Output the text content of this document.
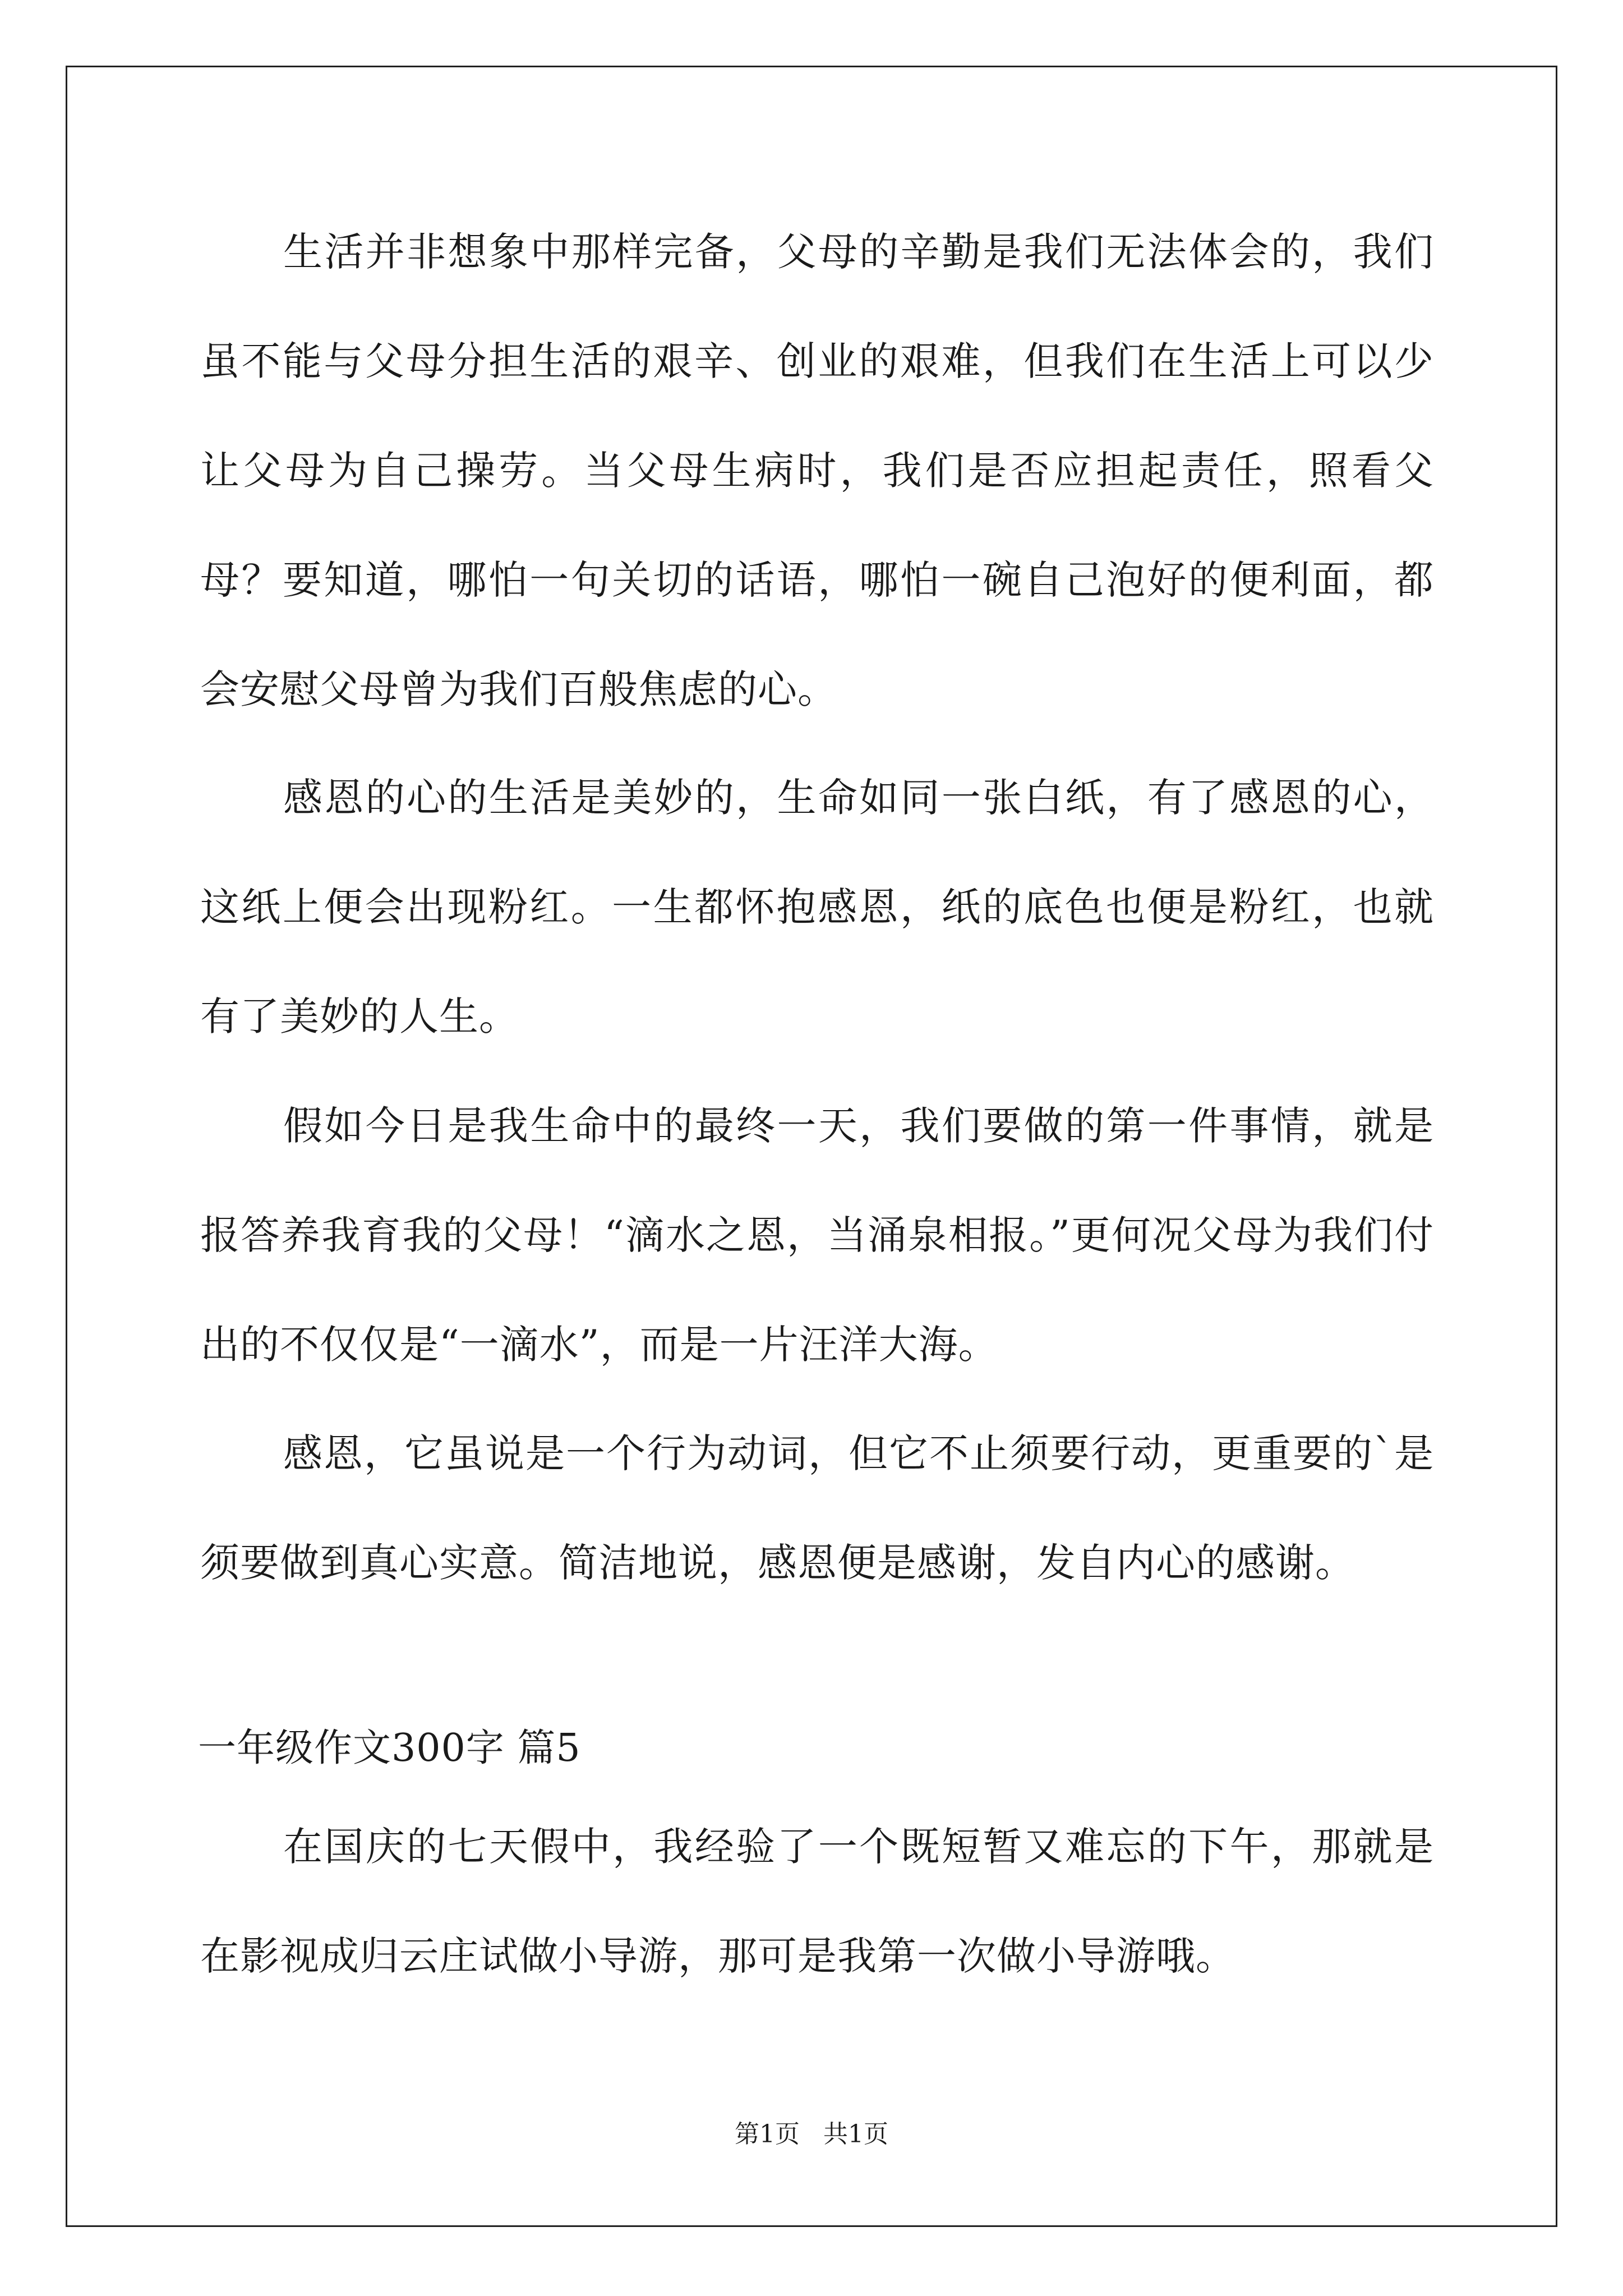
生活并非想象中那样完备，父母的辛勤是我们无法体会的，我们虽不能与父母分担生活的艰辛、创业的艰难，但我们在生活上可以少让父母为自己操劳。当父母生病时，我们是否应担起责任，照看父母？要知道，哪怕一句关切的话语，哪怕一碗自己泡好的便利面，都会安慰父母曾为我们百般焦虑的心。

感恩的心的生活是美妙的，生命如同一张白纸，有了感恩的心，这纸上便会出现粉红。一生都怀抱感恩，纸的底色也便是粉红，也就有了美妙的人生。

假如今日是我生命中的最终一天，我们要做的第一件事情，就是报答养我育我的父母！“滴水之恩，当涌泉相报。”更何况父母为我们付出的不仅仅是“一滴水”，而是一片汪洋大海。

感恩，它虽说是一个行为动词，但它不止须要行动，更重要的`是须要做到真心实意。简洁地说，感恩便是感谢，发自内心的感谢。

一年级作文300字 篇5

在国庆的七天假中，我经验了一个既短暂又难忘的下午，那就是在影视成归云庄试做小导游，那可是我第一次做小导游哦。

第1页   共1页
